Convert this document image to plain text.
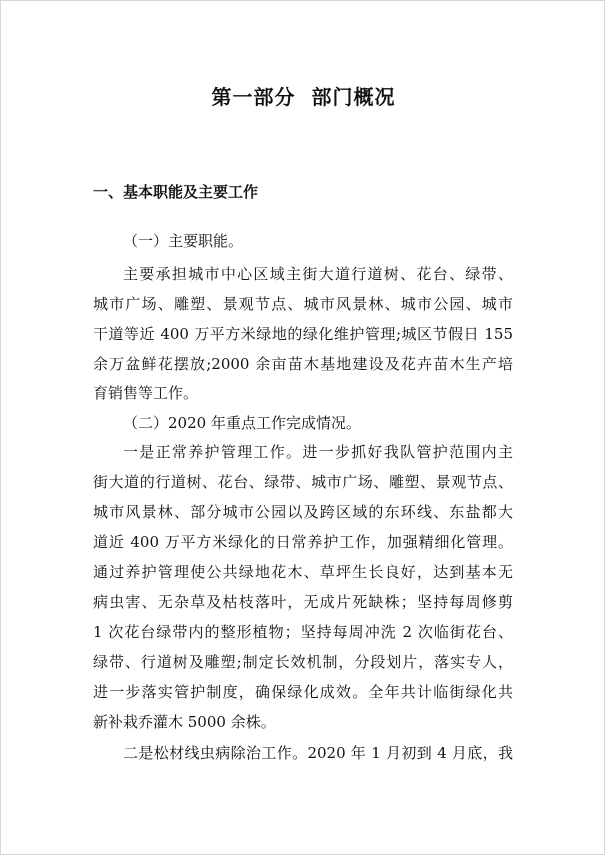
第一部分  部门概况
一、基本职能及主要工作
（一）主要职能。
主要承担城市中心区域主街大道行道树、花台、绿带、
城市广场、雕塑、景观节点、城市风景林、城市公园、城市
干道等近 400 万平方米绿地的绿化维护管理;城区节假日 155
余万盆鲜花摆放;2000 余亩苗木基地建设及花卉苗木生产培
育销售等工作。
（二）2020 年重点工作完成情况。
一是正常养护管理工作。进一步抓好我队管护范围内主
街大道的行道树、花台、绿带、城市广场、雕塑、景观节点、
城市风景林、部分城市公园以及跨区域的东环线、东盐都大
道近 400 万平方米绿化的日常养护工作，加强精细化管理。
通过养护管理使公共绿地花木、草坪生长良好，达到基本无
病虫害、无杂草及枯枝落叶，无成片死缺株；坚持每周修剪
1 次花台绿带内的整形植物；坚持每周冲洗 2 次临街花台、
绿带、行道树及雕塑;制定长效机制，分段划片，落实专人，
进一步落实管护制度，确保绿化成效。全年共计临街绿化共
新补栽乔灌木 5000 余株。
二是松材线虫病除治工作。2020 年 1 月初到 4 月底，我
